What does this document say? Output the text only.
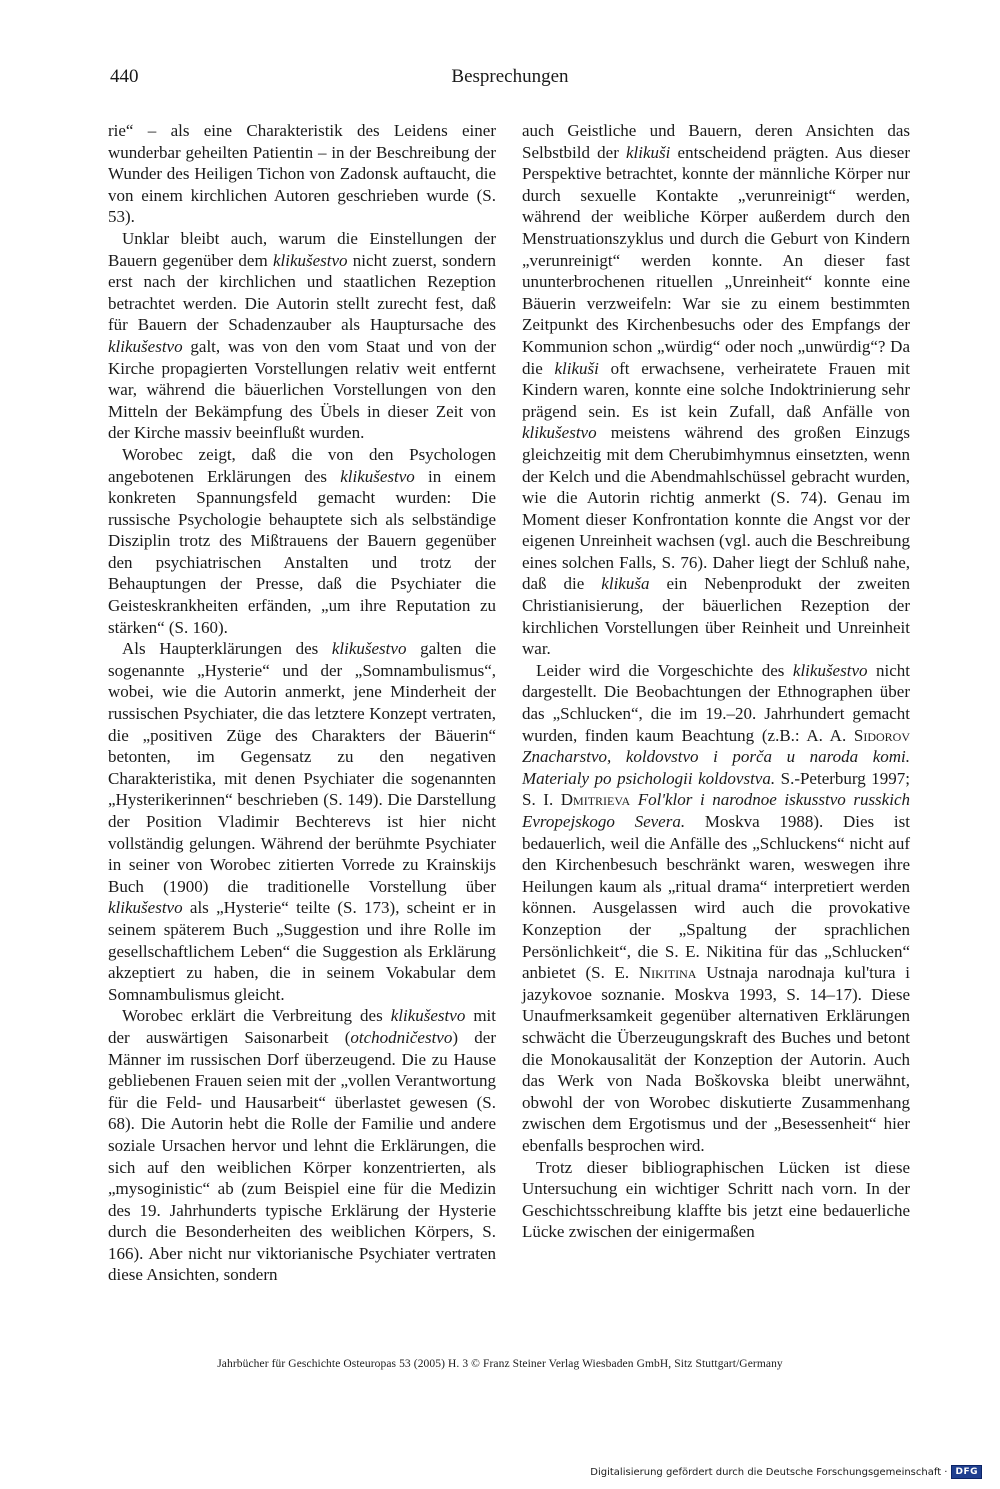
440	Besprechungen

rie“ – als eine Charakteristik des Leidens einer wunderbar geheilten Patientin – in der Beschreibung der Wunder des Heiligen Tichon von Zadonsk auftaucht, die von einem kirchlichen Autoren geschrieben wurde (S. 53).

Unklar bleibt auch, warum die Einstellungen der Bauern gegenüber dem klikušestvo nicht zuerst, sondern erst nach der kirchlichen und staatlichen Rezeption betrachtet werden. Die Autorin stellt zurecht fest, daß für Bauern der Schadenzauber als Hauptursache des klikušestvo galt, was von den vom Staat und von der Kirche propagierten Vorstellungen relativ weit entfernt war, während die bäuerlichen Vorstellungen von den Mitteln der Bekämpfung des Übels in dieser Zeit von der Kirche massiv beeinflußt wurden.

Worobec zeigt, daß die von den Psychologen angebotenen Erklärungen des klikušestvo in einem konkreten Spannungsfeld gemacht wurden: Die russische Psychologie behauptete sich als selbständige Disziplin trotz des Mißtrauens der Bauern gegenüber den psychiatrischen Anstalten und trotz der Behauptungen der Presse, daß die Psychiater die Geisteskrankheiten erfänden, „um ihre Reputation zu stärken“ (S. 160).

Als Haupterklärungen des klikušestvo galten die sogenannte „Hysterie“ und der „Somnambulismus“, wobei, wie die Autorin anmerkt, jene Minderheit der russischen Psychiater, die das letztere Konzept vertraten, die „positiven Züge des Charakters der Bäuerin“ betonten, im Gegensatz zu den negativen Charakteristika, mit denen Psychiater die sogenannten „Hysterikerinnen“ beschrieben (S. 149). Die Darstellung der Position Vladimir Bechterevs ist hier nicht vollständig gelungen. Während der berühmte Psychiater in seiner von Worobec zitierten Vorrede zu Krainskijs Buch (1900) die traditionelle Vorstellung über klikušestvo als „Hysterie“ teilte (S. 173), scheint er in seinem späterem Buch „Suggestion und ihre Rolle im gesellschaftlichem Leben“ die Suggestion als Erklärung akzeptiert zu haben, die in seinem Vokabular dem Somnambulismus gleicht.

Worobec erklärt die Verbreitung des klikušestvo mit der auswärtigen Saisonarbeit (otchodničestvo) der Männer im russischen Dorf überzeugend. Die zu Hause gebliebenen Frauen seien mit der „vollen Verantwortung für die Feld- und Hausarbeit“ überlastet gewesen (S. 68). Die Autorin hebt die Rolle der Familie und andere soziale Ursachen hervor und lehnt die Erklärungen, die sich auf den weiblichen Körper konzentrierten, als „mysoginistic“ ab (zum Beispiel eine für die Medizin des 19. Jahrhunderts typische Erklärung der Hysterie durch die Besonderheiten des weiblichen Körpers, S. 166). Aber nicht nur viktorianische Psychiater vertraten diese Ansichten, sondern

auch Geistliche und Bauern, deren Ansichten das Selbstbild der klikuši entscheidend prägten. Aus dieser Perspektive betrachtet, konnte der männliche Körper nur durch sexuelle Kontakte „verunreinigt“ werden, während der weibliche Körper außerdem durch den Menstruationszyklus und durch die Geburt von Kindern „verunreinigt“ werden konnte. An dieser fast ununterbrochenen rituellen „Unreinheit“ konnte eine Bäuerin verzweifeln: War sie zu einem bestimmten Zeitpunkt des Kirchenbesuchs oder des Empfangs der Kommunion schon „würdig“ oder noch „unwürdig“? Da die klikuši oft erwachsene, verheiratete Frauen mit Kindern waren, konnte eine solche Indoktrinierung sehr prägend sein. Es ist kein Zufall, daß Anfälle von klikušestvo meistens während des großen Einzugs gleichzeitig mit dem Cherubimhymnus einsetzten, wenn der Kelch und die Abendmahlschüssel gebracht wurden, wie die Autorin richtig anmerkt (S. 74). Genau im Moment dieser Konfrontation konnte die Angst vor der eigenen Unreinheit wachsen (vgl. auch die Beschreibung eines solchen Falls, S. 76). Daher liegt der Schluß nahe, daß die klikuša ein Nebenprodukt der zweiten Christianisierung, der bäuerlichen Rezeption der kirchlichen Vorstellungen über Reinheit und Unreinheit war.

Leider wird die Vorgeschichte des klikušestvo nicht dargestellt. Die Beobachtungen der Ethnographen über das „Schlucken“, die im 19.–20. Jahrhundert gemacht wurden, finden kaum Beachtung (z.B.: A. A. Sidorov Znacharstvo, koldovstvo i porča u naroda komi. Materialy po psichologii koldovstva. S.-Peterburg 1997; S. I. Dmitrieva Fol'klor i narodnoe iskusstvo russkich Evropejskogo Severa. Moskva 1988). Dies ist bedauerlich, weil die Anfälle des „Schluckens“ nicht auf den Kirchenbesuch beschränkt waren, weswegen ihre Heilungen kaum als „ritual drama“ interpretiert werden können. Ausgelassen wird auch die provokative Konzeption der „Spaltung der sprachlichen Persönlichkeit“, die S. E. Nikitina für das „Schlucken“ anbietet (S. E. Nikitina Ustnaja narodnaja kul'tura i jazykovoe soznanie. Moskva 1993, S. 14–17). Diese Unaufmerksamkeit gegenüber alternativen Erklärungen schwächt die Überzeugungskraft des Buches und betont die Monokausalität der Konzeption der Autorin. Auch das Werk von Nada Boškovska bleibt unerwähnt, obwohl der von Worobec diskutierte Zusammenhang zwischen dem Ergotismus und der „Besessenheit“ hier ebenfalls besprochen wird.

Trotz dieser bibliographischen Lücken ist diese Untersuchung ein wichtiger Schritt nach vorn. In der Geschichtsschreibung klaffte bis jetzt eine bedauerliche Lücke zwischen der einigermaßen

Jahrbücher für Geschichte Osteuropas 53 (2005) H. 3 © Franz Steiner Verlag Wiesbaden GmbH, Sitz Stuttgart/Germany
Digitalisierung gefördert durch die Deutsche Forschungsgemeinschaft · DFG
